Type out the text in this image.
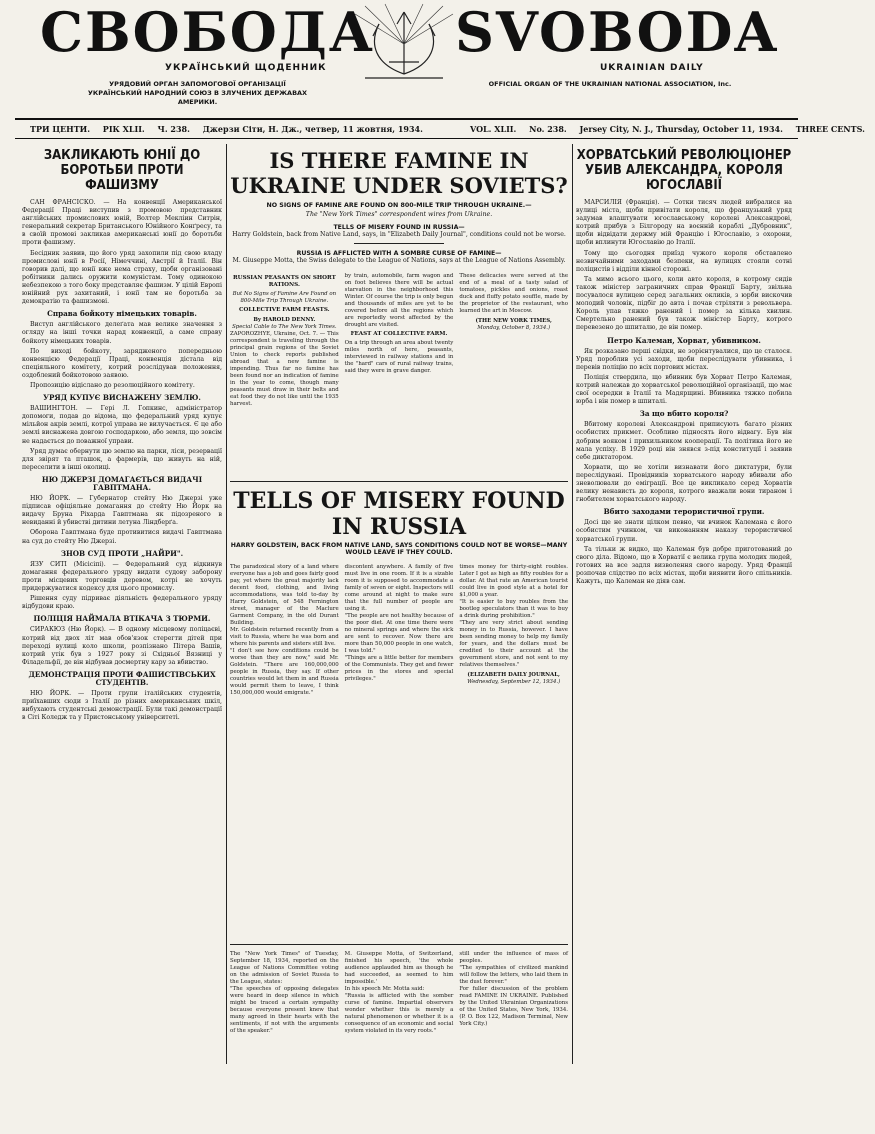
СВОБОДА SVOBODA
УКРАЇНСЬКИЙ ЩОДЕННИК	UKRAINIAN DAILY
УРЯДОВИЙ ОРГАН ЗАПОМОГОВОЇ ОРГАНІЗАЦІЇ УКРАЇНСЬКИЙ НАРОДНИЙ СОЮЗ В ЗЛУЧЕНИХ ДЕРЖАВАХ АМЕРИКИ.
OFFICIAL ORGAN OF THE UKRAINIAN NATIONAL ASSOCIATION, Inc.
ТРИ ЦЕНТИ. РІК XLII. Ч. 238. Джерзи Сіти, Н. Дж., четвер, 11 жовтня, 1934.	VOL. XLII. No. 238. Jersey City, N. J., Thursday, October 11, 1934. THREE CENTS.
ЗАКЛИКАЮТЬ ЮНІЇ ДО БОРОТЬБИ ПРОТИ ФАШИЗМУ

САН ФРАНСІСКО. — На конвенції Американської Федерації Праці виступив з промовою представник англійських промислових юній, Волтер Мекліин Ситрін, генеральний секретар Британського Юнійного Конґресу, та в своїй промові закликав американські юнії до боротьби проти фашизму.

Бесідник заявив, що його уряд захопили під свою владу промислові юнії в Росії, Німеччині, Австрії й Італії. Він говорив далі, що юнії вже нема страху, щоби організовані робітники дались оружити комуністам. Тому одинокою небезпекою з того боку представляє фашизм. У цілій Европі юнійний рух захитаний, і юнії там не боротьба за демократію та фашизмові.

Справа бойкоту німецьких товарів.

Виступ англійського делеґата мав велике значення з огляду на інші точки нарад конвенції, а саме справу бойкоту німецьких товарів.

По виході бойкоту, зарядженого попередньою конвенцією Федерації Праці, конвенція дістала від спеціяльного комітету, котрий розслідував положення, оздоблений бойкотовою заявою.

Пропозицію відіслано до резолюційного комітету.

УРЯД КУПУЄ ВИСНАЖЕНУ ЗЕМЛЮ.

ВАШИНГТОН. — Гері Л. Гопкинс, адміністратор допомоги, подав до відома, що федеральний уряд купує мільйон акрів землі, котрої управа не вилучається. Є це або землі виснажена довгою господаркою, або земля, що зовсім не надається до поважної управи.

Уряд думає обернути цю землю на парки, ліси, резервації для звірят та пташок, а фармерів, що живуть на ній, переселити в інші околиці.

НЮ ДЖЕРЗІ ДОМАГАЄТЬСЯ ВИДАЧІ ГАВПТМАНА.

НЮ ЙОРК. — Губернатор стейту Ню Джерзі уже підписав офіціяльне домагання до стейту Ню Йорк на видачу Бруна Ріхарда Гавптмана як підозреного в невиданні й убивстві дитини летуна Ліндберґа.

Оборона Гавптмана буде противитися видачі Гавптмана на суд до стейту Ню Джерзі.

ЗНОВ СУД ПРОТИ „НАЙРИ".

ЯЗУ СИТІ (Місісіпі). — Федеральний суд відкинув домагання федерального уряду видати судову заборону проти місцевих торговців деревом, котрі не хочуть придержуватися кодексу для цього промислу.

Рішення суду підриває діяльність федерального уряду відбудови краю.

ПОЛІЦІЯ НАЙМАЛА ВТІКАЧА З ТЮРМИ.

СИРАКЮЗ (Ню Йорк). — В одному місцевому поліцаєві, котрий від двох літ мав обов'язок стерегти дітей при переході вулиці коло школи, розпізнано Пітера Вашів, котрий утік був з 1927 року зі Східньої Вязниці у Філадельфії, де він відбував досмертну кару за вбивство.

ДЕМОНСТРАЦІЯ ПРОТИ ФАШИСТІВСЬКИХ СТУДЕНТІВ.

НЮ ЙОРК. — Проти групи італійських студентів, приїхавших сюди з Італії до різних американських шкіл, вибухають студентські демонстрації. Були такі демонстрації в Сіті Коледж та у Пристонському університеті.

IS THERE FAMINE IN UKRAINE UNDER SOVIETS?
NO SIGNS OF FAMINE ARE FOUND ON 800-MILE TRIP THROUGH UKRAINE.—
The "New York Times" correspondent wires from Ukraine.
TELLS OF MISERY FOUND IN RUSSIA—
Harry Goldstein, back from Native Land, says, in "Elizabeth Daily Journal", conditions could not be worse.
RUSSIA IS AFFLICTED WITH A SOMBRE CURSE OF FAMINE—
M. Giuseppe Motta, the Swiss delegate to the League of Nations, says at the League of Nations Assembly.
RUSSIAN PEASANTS ON SHORT RATIONS.
But No Signs of Famine Are Found on 800-Mile Trip Through Ukraine.
COLLECTIVE FARM FEASTS.
By HAROLD DENNY.
Special Cable to The New York Times.

ZAPOROZHYE, Ukraine, Oct. 7. — This correspondent is traveling through the principal grain regions of the Soviet Union to check reports published abroad that a new famine is impending. Thus far no famine has been found nor an indication of famine in the year to come, though many peasants must draw in their belts and eat food they do not like until the 1935 harvest.

by train, automobile, farm wagon and on foot believes there will be actual starvation in the neighborhood this Winter. Of course the trip is only begun and thousands of miles are yet to be covered before all the regions which are reportedly worst affected by the drought are visited.

FEAST AT COLLECTIVE FARM.

On a trip through an area about twenty miles north of here, peasants, interviewed in railway stations and in the "hard" cars of rural railway trains, said they were in grave danger.

These delicacies were served at the end of a meal of a tasty salad of tomatoes, pickles and onions, roast duck and fluffy potato souffle, made by the proprietor of the restaurant, who learned the art in Moscow.

(THE NEW YORK TIMES,
Monday, October 8, 1934.)
TELLS OF MISERY FOUND IN RUSSIA
HARRY GOLDSTEIN, BACK FROM NATIVE LAND, SAYS CONDITIONS COULD NOT BE WORSE—MANY WOULD LEAVE IF THEY COULD.

The paradoxical story of a land where everyone has a job and goes fairly good pay, yet where the great majority lack decent food, clothing, and living accommodations, was told to-day by Harry Goldstein, of 548 Fernington street, manager of the Maclure Garment Company, in the old Durant Building.

Mr. Goldstein returned recently from a visit to Russia, where he was born and where his parents and sisters still live.

"I don't see how conditions could be worse than they are now," said Mr. Goldstein. "There are 160,000,000 people in Russia, they say. If other countries would let them in and Russia would permit them to leave, I think 150,000,000 would emigrate."

discontent anywhere. A family of five must live in one room. If it is a sizable room it is supposed to accommodate a family of seven or eight. Inspectors will come around at night to make sure that the full number of people are using it.

"The people are not healthy because of the poor diet. At one time there were no mineral springs and where the sick are sent to recover. Now there are more than 50,000 people in one watch, I was told."

"Things are a little better for members of the Communists. They get and fewer prices in the stores and special privileges."

times money for thirty-eight roubles. Later I got as high as fifty roubles for a dollar. At that rate an American tourist could live in good style at a hotel for $1,000 a year.

"It is easier to buy roubles from the bootleg speculators than it was to buy a drink during prohibition."

"They are very strict about sending money in to Russia, however. I have been sending money to help my family for years, and the dollars must be credited to their account at the government store, and not sent to my relatives themselves."

(ELIZABETH DAILY JOURNAL,
Wednesday, September 12, 1934.)

The "New York Times" of Tuesday, September 18, 1934, reported on the League of Nations Committee voting on the admission of Soviet Russia to the League, states:

"The speeches of opposing delegates were heard in deep silence in which might be traced a certain sympathy because everyone present knew that many agreed in their hearts with the sentiments, if not with the arguments of the speaker."

M. Giuseppe Motta, of Switzerland, finished his speech, 'the whole audience applauded him as though he had succeeded, as seemed to him impossible.'

In his speech Mr. Motta said:

"Russia is afflicted with the somber curse of famine. Impartial observers wonder whether this is merely a natural phenomenon or whether it is a consequence of an economic and social system violated in its very roots."

still under the influence of mass of peoples.

"The sympathies of civilized mankind will follow the letters, who laid them in the dust forever."

For fuller discussion of the problem read FAMINE IN UKRAINE. Published by the United Ukrainian Organizations of the United States, New York, 1934. (P. O. Box 122, Madison Terminal, New York City.)

ХОРВАТСЬКИЙ РЕВОЛЮЦІОНЕР УБИВ АЛЕКСАНДРА, КОРОЛЯ ЮГОСЛАВІЇ

МАРСИЛІЯ (Франція). — Сотки тисяч людей вибралися на вулиці міста, щоби привітати короля, що французький уряд задумав влаштувати югославському королеві Александрові, котрий прибув з Білгороду на воєнній кораблі „Дубровник", щоби відвідати держму мій Францію і Югославію, з охорони, щоби вплинути Югославію до Італії.

Тому що сьогодня приїзд чужого короля обставлено незвичайними заходами безпеки, на вулицях стояли сотні поліцистів і відділи кінної сторожі.

Та мимо всього цього, коли авто короля, в котрому сидів також міністер заграничних справ Франції Барту, звільна посувалося вулицею серед загальних окликів, з юрби вискочив молодий чоловік, підбіг до авта і почав стріляти з револьвера. Король упав тяжко ранений і помер за кілька хвилин. Смертельно ранений був також міністер Барту, котрого перевезено до шпиталю, де він помер.

Петро Калеман, Хорват, убивником.

Як розказано перші свідки, не зорієнтувалися, що це сталося. Уряд пороблив усі заходи, щоби переслідувати убивника, і перевів поліцію по всіх портових містах.

Поліція ствердила, що вбивник був Хорват Петро Калеман, котрий належав до хорватської революційної організації, що має свої осередки в Італії та Мадярщині. Вбивника тяжко побила юрба і він помер в шпиталі.

За що вбито короля?

Вбитому королеві Александрові приписують багато різних особистих прикмет. Особливо підносять його відвагу. Був він добрим вояком і прихильником кооперації. Та політика його не мала успіху. В 1929 році він знявся з-під конституції і заявив себе диктатором.

Хорвати, що не хотіли визнавати його диктатури, були переслідувані. Провідників хорватського народу вбивали або зневолювали до еміграції. Все це викликало серед Хорватів велику ненависть до короля, котрого вважали вони тираном і гнобителем хорватського народу.

Вбито заходами терористичної групи.

Досі ще не знати цілком певно, чи вчинок Калемана є його особистим учинком, чи виконанням наказу терористичної хорватської групи.

Та тільки ж видко, що Калеман був добре приготований до свого діла. Відомо, що в Хорватії є велика група молодих людей, готових на все задля визволення свого народу. Уряд Франції розпочав слідство по всіх містах, щоби виявити його спільників. Кажуть, що Калеман не діяв сам.
